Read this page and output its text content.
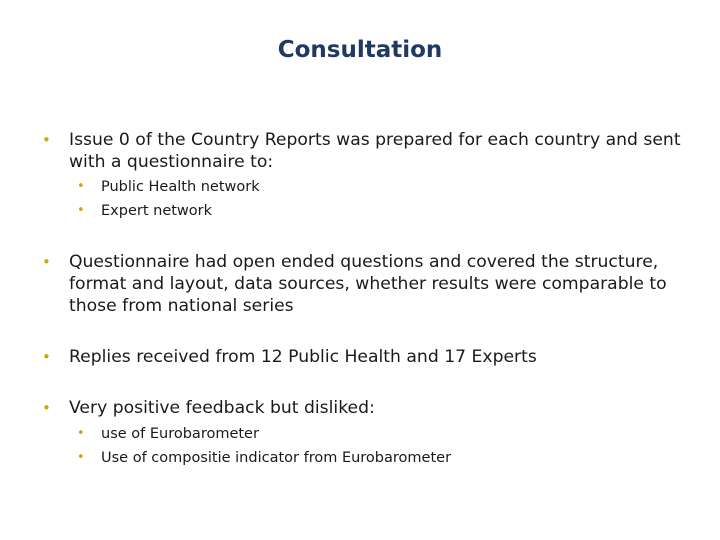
Consultation
• Issue 0 of the Country Reports was prepared for each country and sent with a questionnaire to:
• Public Health network
• Expert network
• Questionnaire had open ended questions and covered the structure, format and layout, data sources, whether results were comparable to those from national series
• Replies received from 12 Public Health and 17 Experts
• Very positive feedback but disliked:
• use of Eurobarometer
• Use of compositie indicator from Eurobarometer
